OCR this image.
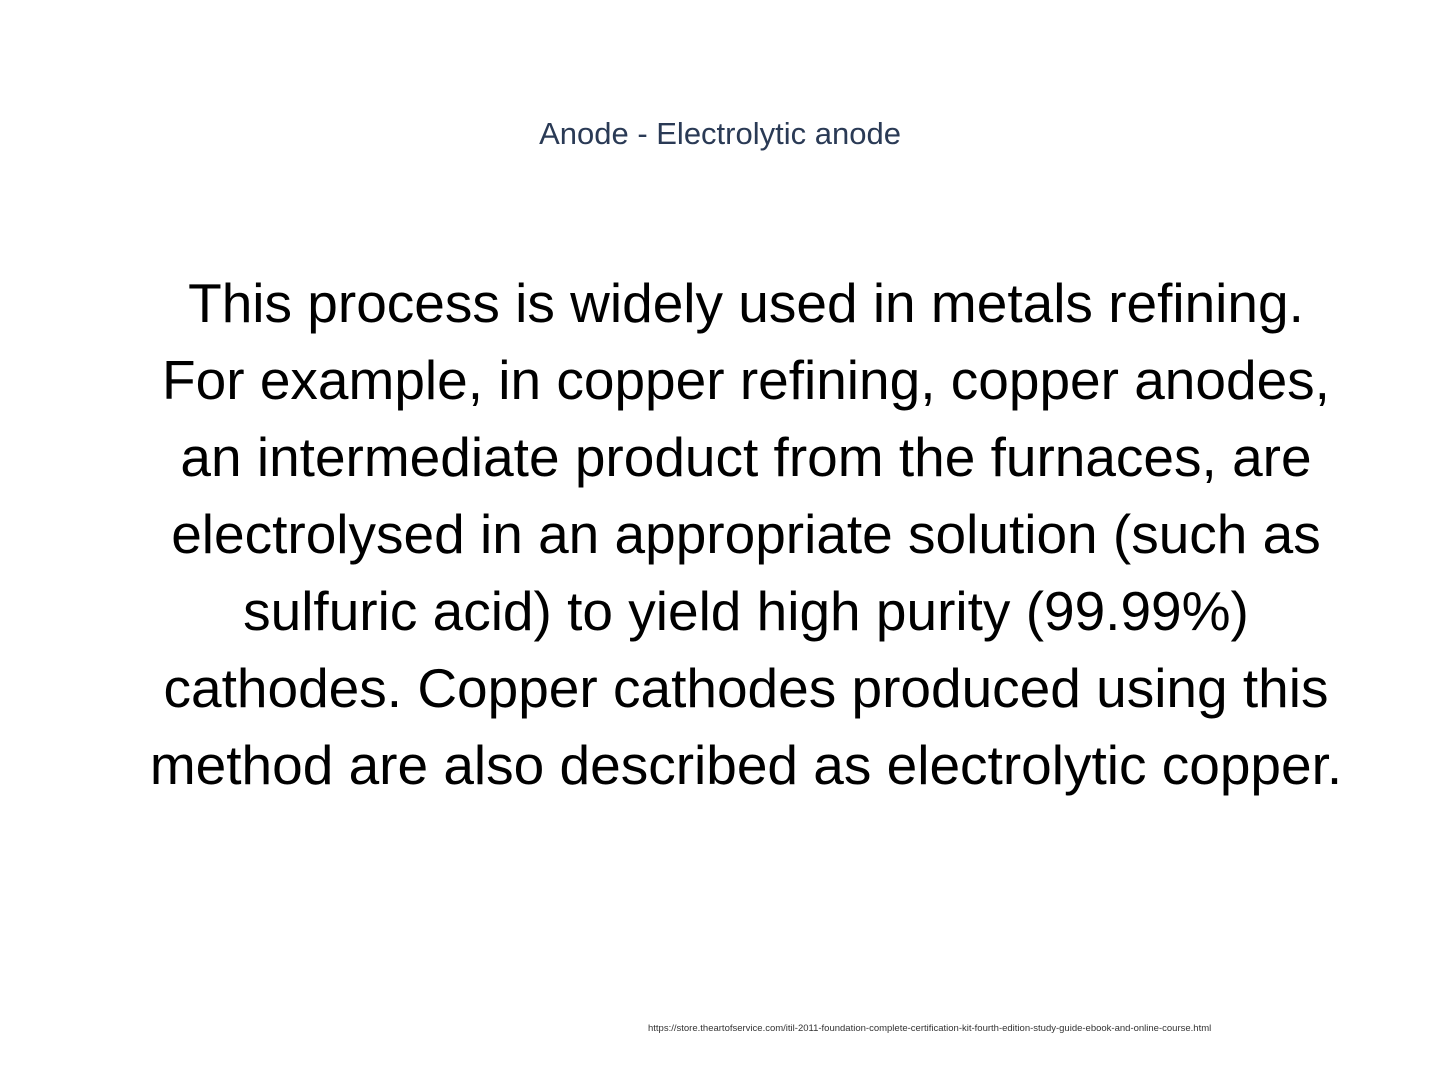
Anode - Electrolytic anode

This process is widely used in metals refining. For example, in copper refining, copper anodes, an intermediate product from the furnaces, are electrolysed in an appropriate solution (such as sulfuric acid) to yield high purity (99.99%) cathodes. Copper cathodes produced using this method are also described as electrolytic copper.

https://store.theartofservice.com/itil-2011-foundation-complete-certification-kit-fourth-edition-study-guide-ebook-and-online-course.html
